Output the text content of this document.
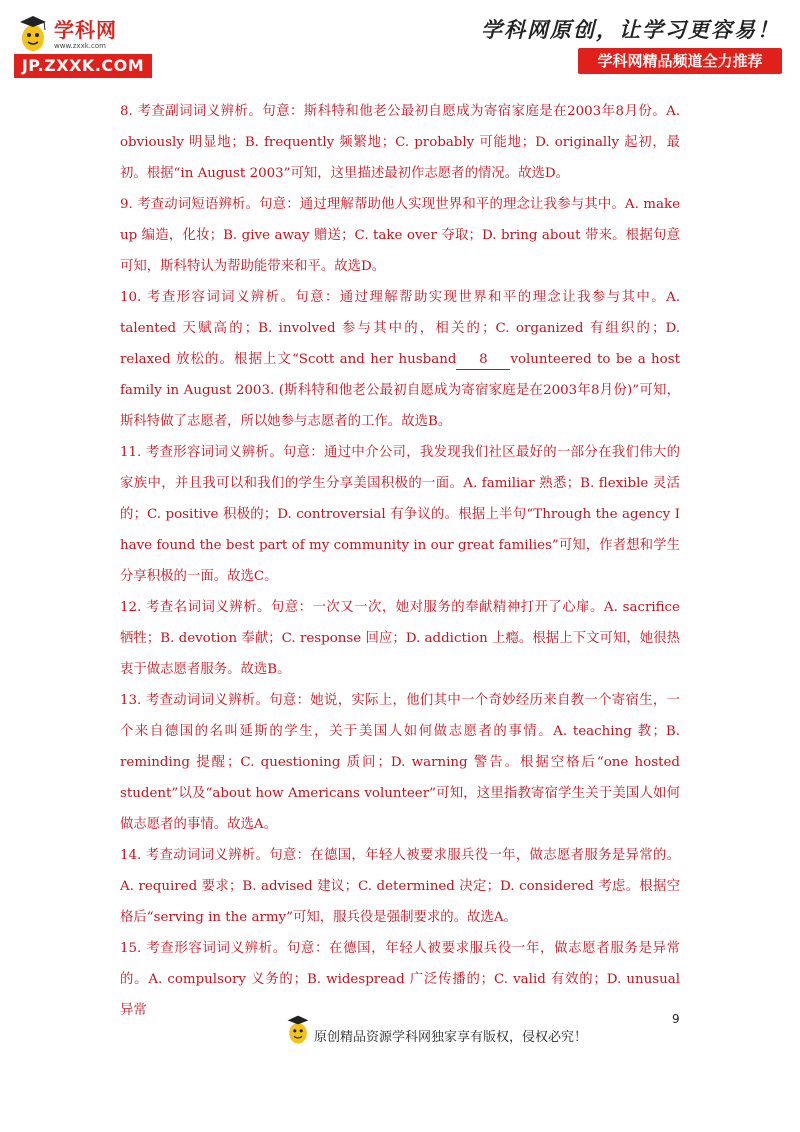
学科网
www.zxxk.com
JP.ZXXK.COM
学科网原创，让学习更容易！
学科网精品频道全力推荐

8. 考查副词词义辨析。句意：斯科特和他老公最初自愿成为寄宿家庭是在2003年8月份。A. obviously 明显地；B. frequently 频繁地；C. probably 可能地；D. originally 起初，最初。根据“in August 2003”可知，这里描述最初作志愿者的情况。故选D。

9. 考查动词短语辨析。句意：通过理解帮助他人实现世界和平的理念让我参与其中。A. make up 编造，化妆；B. give away 赠送；C. take over 夺取；D. bring about 带来。根据句意可知，斯科特认为帮助能带来和平。故选D。

10. 考查形容词词义辨析。句意：通过理解帮助实现世界和平的理念让我参与其中。A. talented 天赋高的；B. involved 参与其中的，相关的；C. organized 有组织的；D. relaxed 放松的。根据上文“Scott and her husband 8 volunteered to be a host family in August 2003. (斯科特和他老公最初自愿成为寄宿家庭是在2003年8月份)”可知，斯科特做了志愿者，所以她参与志愿者的工作。故选B。

11. 考查形容词词义辨析。句意：通过中介公司，我发现我们社区最好的一部分在我们伟大的家族中，并且我可以和我们的学生分享美国积极的一面。A. familiar 熟悉；B. flexible 灵活的；C. positive 积极的；D. controversial 有争议的。根据上半句“Through the agency I have found the best part of my community in our great families”可知，作者想和学生分享积极的一面。故选C。

12. 考查名词词义辨析。句意：一次又一次，她对服务的奉献精神打开了心扉。A. sacrifice 牺牲；B. devotion 奉献；C. response 回应；D. addiction 上瘾。根据上下文可知，她很热衷于做志愿者服务。故选B。

13. 考查动词词义辨析。句意：她说，实际上，他们其中一个奇妙经历来自教一个寄宿生，一个来自德国的名叫延斯的学生，关于美国人如何做志愿者的事情。A. teaching 教；B. reminding 提醒；C. questioning 质问；D. warning 警告。根据空格后“one hosted student”以及“about how Americans volunteer”可知，这里指教寄宿学生关于美国人如何做志愿者的事情。故选A。

14. 考查动词词义辨析。句意：在德国，年轻人被要求服兵役一年，做志愿者服务是异常的。A. required 要求；B. advised 建议；C. determined 决定；D. considered 考虑。根据空格后“serving in the army”可知，服兵役是强制要求的。故选A。

15. 考查形容词词义辨析。句意：在德国，年轻人被要求服兵役一年，做志愿者服务是异常的。A. compulsory 义务的；B. widespread 广泛传播的；C. valid 有效的；D. unusual 异常

原创精品资源学科网独家享有版权，侵权必究！
9
